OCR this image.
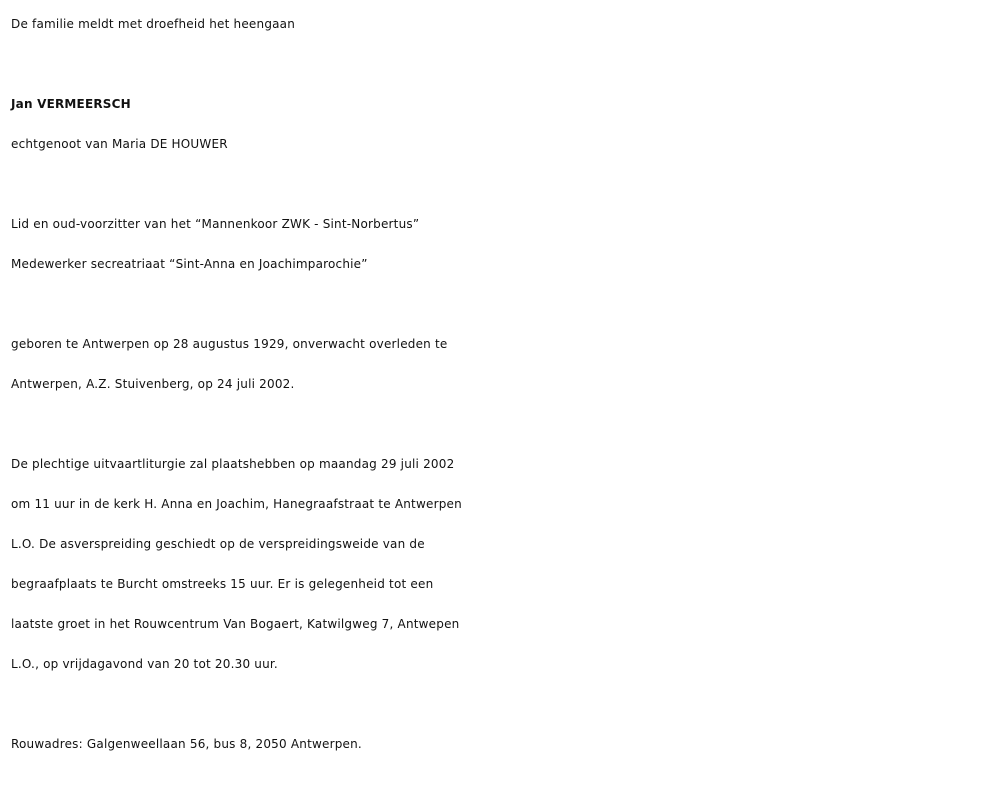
De familie meldt met droefheid het heengaan
Jan VERMEERSCH
echtgenoot van Maria DE HOUWER
Lid en oud-voorzitter van het “Mannenkoor ZWK - Sint-Norbertus”
Medewerker secreatriaat “Sint-Anna en Joachimparochie”
geboren te Antwerpen op 28 augustus 1929, onverwacht overleden te
Antwerpen, A.Z. Stuivenberg, op 24 juli 2002.
De plechtige uitvaartliturgie zal plaatshebben op maandag 29 juli 2002
om 11 uur in de kerk H. Anna en Joachim, Hanegraafstraat te Antwerpen
L.O. De asverspreiding geschiedt op de verspreidingsweide van de
begraafplaats te Burcht omstreeks 15 uur. Er is gelegenheid tot een
laatste groet in het Rouwcentrum Van Bogaert, Katwilgweg 7, Antwepen
L.O., op vrijdagavond van 20 tot 20.30 uur.
Rouwadres: Galgenweellaan 56, bus 8, 2050 Antwerpen.
